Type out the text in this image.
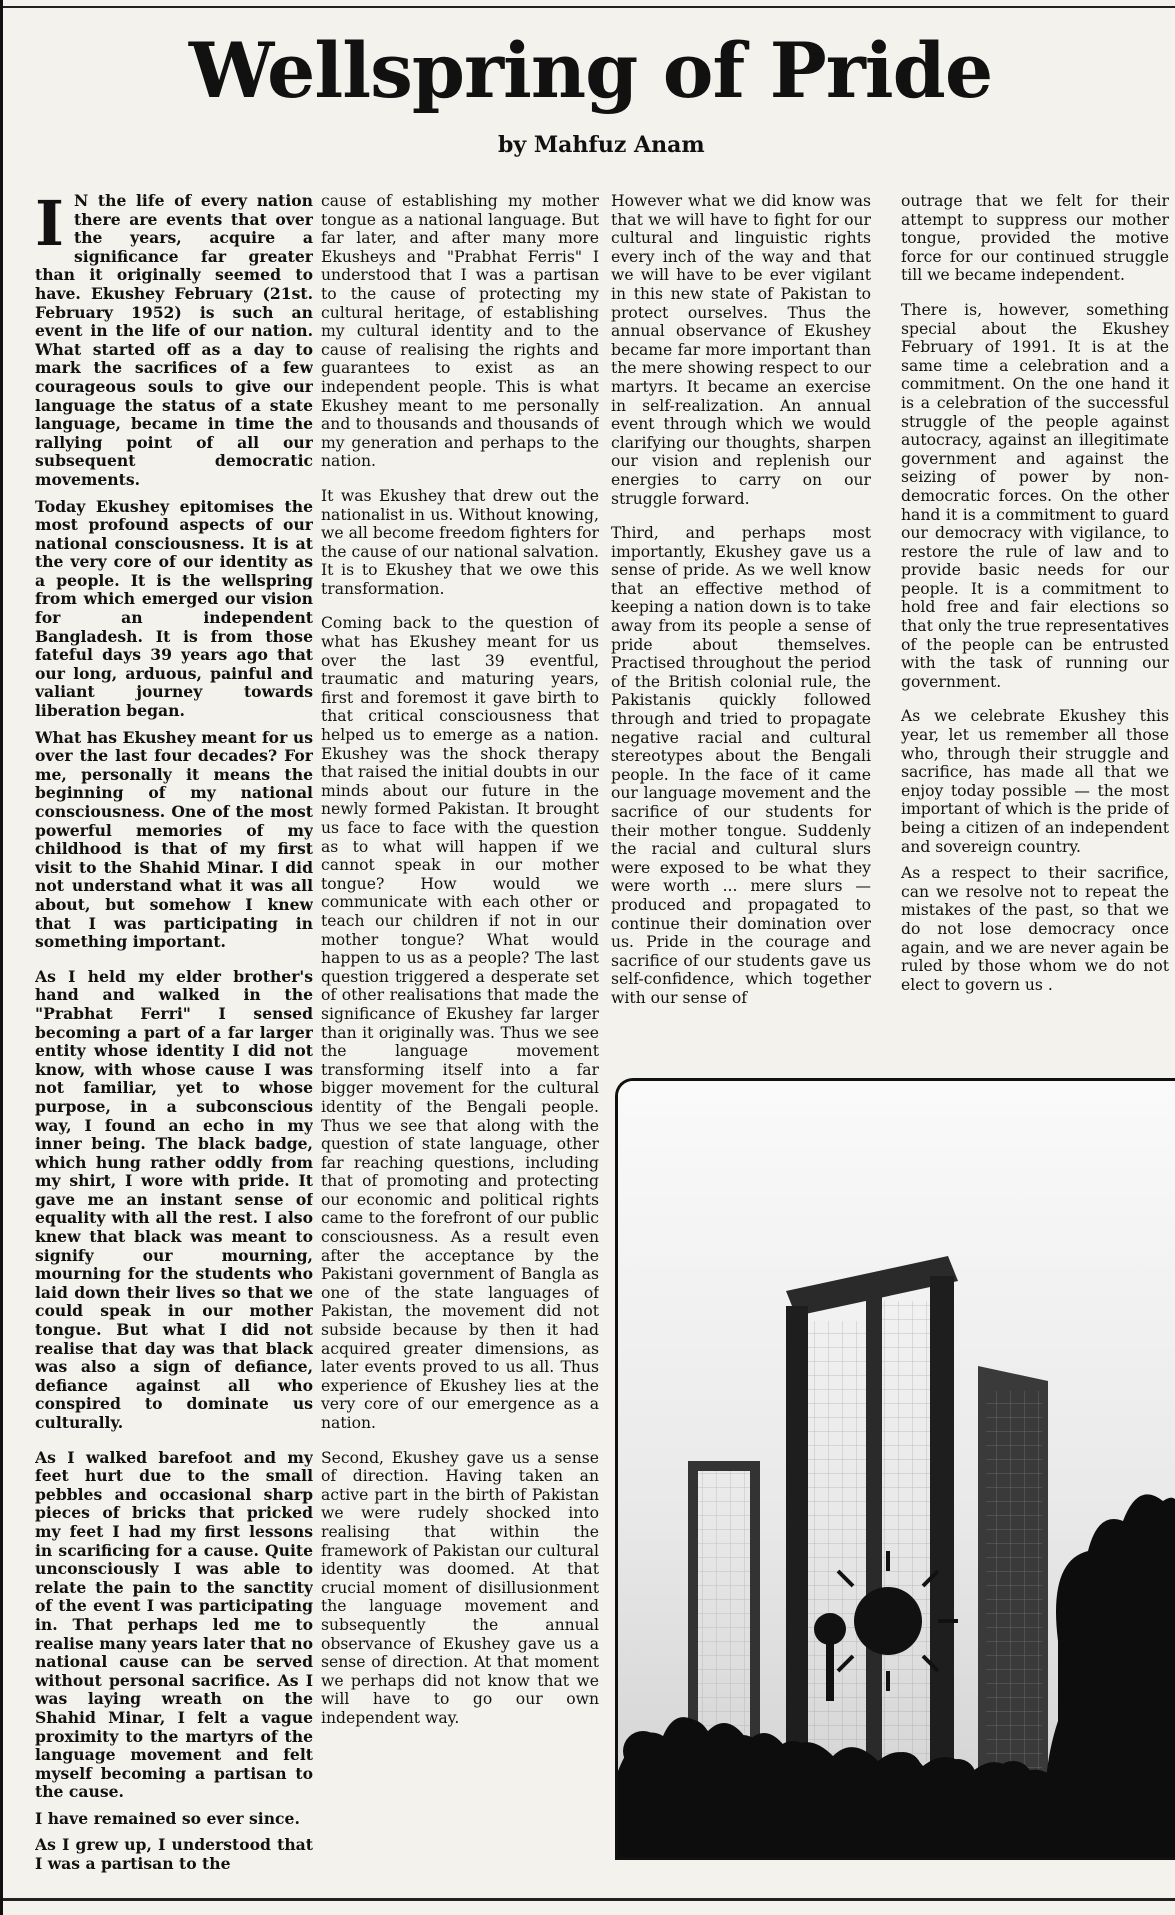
Wellspring of Pride
by Mahfuz Anam

I N the life of every nation there are events that over the years, acquire a significance far greater than it originally seemed to have. Ekushey February (21st. February 1952) is such an event in the life of our nation. What started off as a day to mark the sacrifices of a few courageous souls to give our language the status of a state language, became in time the rallying point of all our subsequent democratic movements.

Today Ekushey epitomises the most profound aspects of our national consciousness. It is at the very core of our identity as a people. It is the wellspring from which emerged our vision for an independent Bangladesh. It is from those fateful days 39 years ago that our long, arduous, painful and valiant journey towards liberation began.

What has Ekushey meant for us over the last four decades? For me, personally it means the beginning of my national consciousness. One of the most powerful memories of my childhood is that of my first visit to the Shahid Minar. I did not understand what it was all about, but somehow I knew that I was participating in something important.

As I held my elder brother's hand and walked in the "Prabhat Ferri" I sensed becoming a part of a far larger entity whose identity I did not know, with whose cause I was not familiar, yet to whose purpose, in a subconscious way, I found an echo in my inner being. The black badge, which hung rather oddly from my shirt, I wore with pride. It gave me an instant sense of equality with all the rest. I also knew that black was meant to signify our mourning, mourning for the students who laid down their lives so that we could speak in our mother tongue. But what I did not realise that day was that black was also a sign of defiance, defiance against all who conspired to dominate us culturally.

As I walked barefoot and my feet hurt due to the small pebbles and occasional sharp pieces of bricks that pricked my feet I had my first lessons in scarificing for a cause. Quite unconsciously I was able to relate the pain to the sanctity of the event I was participating in. That perhaps led me to realise many years later that no national cause can be served without personal sacrifice. As I was laying wreath on the Shahid Minar, I felt a vague proximity to the martyrs of the language movement and felt myself becoming a partisan to the cause.

I have remained so ever since.

As I grew up, I understood that I was a partisan to the

cause of establishing my mother tongue as a national language. But far later, and after many more Ekusheys and "Prabhat Ferris" I understood that I was a partisan to the cause of protecting my cultural heritage, of establishing my cultural identity and to the cause of realising the rights and guarantees to exist as an independent people. This is what Ekushey meant to me personally and to thousands and thousands of my generation and perhaps to the nation.

It was Ekushey that drew out the nationalist in us. Without knowing, we all become freedom fighters for the cause of our national salvation. It is to Ekushey that we owe this transformation.

Coming back to the question of what has Ekushey meant for us over the last 39 eventful, traumatic and maturing years, first and foremost it gave birth to that critical consciousness that helped us to emerge as a nation. Ekushey was the shock therapy that raised the initial doubts in our minds about our future in the newly formed Pakistan. It brought us face to face with the question as to what will happen if we cannot speak in our mother tongue? How would we communicate with each other or teach our children if not in our mother tongue? What would happen to us as a people? The last question triggered a desperate set of other realisations that made the significance of Ekushey far larger than it originally was. Thus we see the language movement transforming itself into a far bigger movement for the cultural identity of the Bengali people. Thus we see that along with the question of state language, other far reaching questions, including that of promoting and protecting our economic and political rights came to the forefront of our public consciousness. As a result even after the acceptance by the Pakistani government of Bangla as one of the state languages of Pakistan, the movement did not subside because by then it had acquired greater dimensions, as later events proved to us all. Thus experience of Ekushey lies at the very core of our emergence as a nation.

Second, Ekushey gave us a sense of direction. Having taken an active part in the birth of Pakistan we were rudely shocked into realising that within the framework of Pakistan our cultural identity was doomed. At that crucial moment of disillusionment the language movement and subsequently the annual observance of Ekushey gave us a sense of direction. At that moment we perhaps did not know that we will have to go our own independent way.

However what we did know was that we will have to fight for our cultural and linguistic rights every inch of the way and that we will have to be ever vigilant in this new state of Pakistan to protect ourselves. Thus the annual observance of Ekushey became far more important than the mere showing respect to our martyrs. It became an exercise in self-realization. An annual event through which we would clarifying our thoughts, sharpen our vision and replenish our energies to carry on our struggle forward.

Third, and perhaps most importantly, Ekushey gave us a sense of pride. As we well know that an effective method of keeping a nation down is to take away from its people a sense of pride about themselves. Practised throughout the period of the British colonial rule, the Pakistanis quickly followed through and tried to propagate negative racial and cultural stereotypes about the Bengali people. In the face of it came our language movement and the sacrifice of our students for their mother tongue. Suddenly the racial and cultural slurs were exposed to be what they were worth ... mere slurs — produced and propagated to continue their domination over us. Pride in the courage and sacrifice of our students gave us self-confidence, which together with our sense of

outrage that we felt for their attempt to suppress our mother tongue, provided the motive force for our continued struggle till we became independent.

There is, however, something special about the Ekushey February of 1991. It is at the same time a celebration and a commitment. On the one hand it is a celebration of the successful struggle of the people against autocracy, against an illegitimate government and against the seizing of power by non-democratic forces. On the other hand it is a commitment to guard our democracy with vigilance, to restore the rule of law and to provide basic needs for our people. It is a commitment to hold free and fair elections so that only the true representatives of the people can be entrusted with the task of running our government.

As we celebrate Ekushey this year, let us remember all those who, through their struggle and sacrifice, has made all that we enjoy today possible — the most important of which is the pride of being a citizen of an independent and sovereign country.

As a respect to their sacrifice, can we resolve not to repeat the mistakes of the past, so that we do not lose democracy once again, and we are never again be ruled by those whom we do not elect to govern us .
